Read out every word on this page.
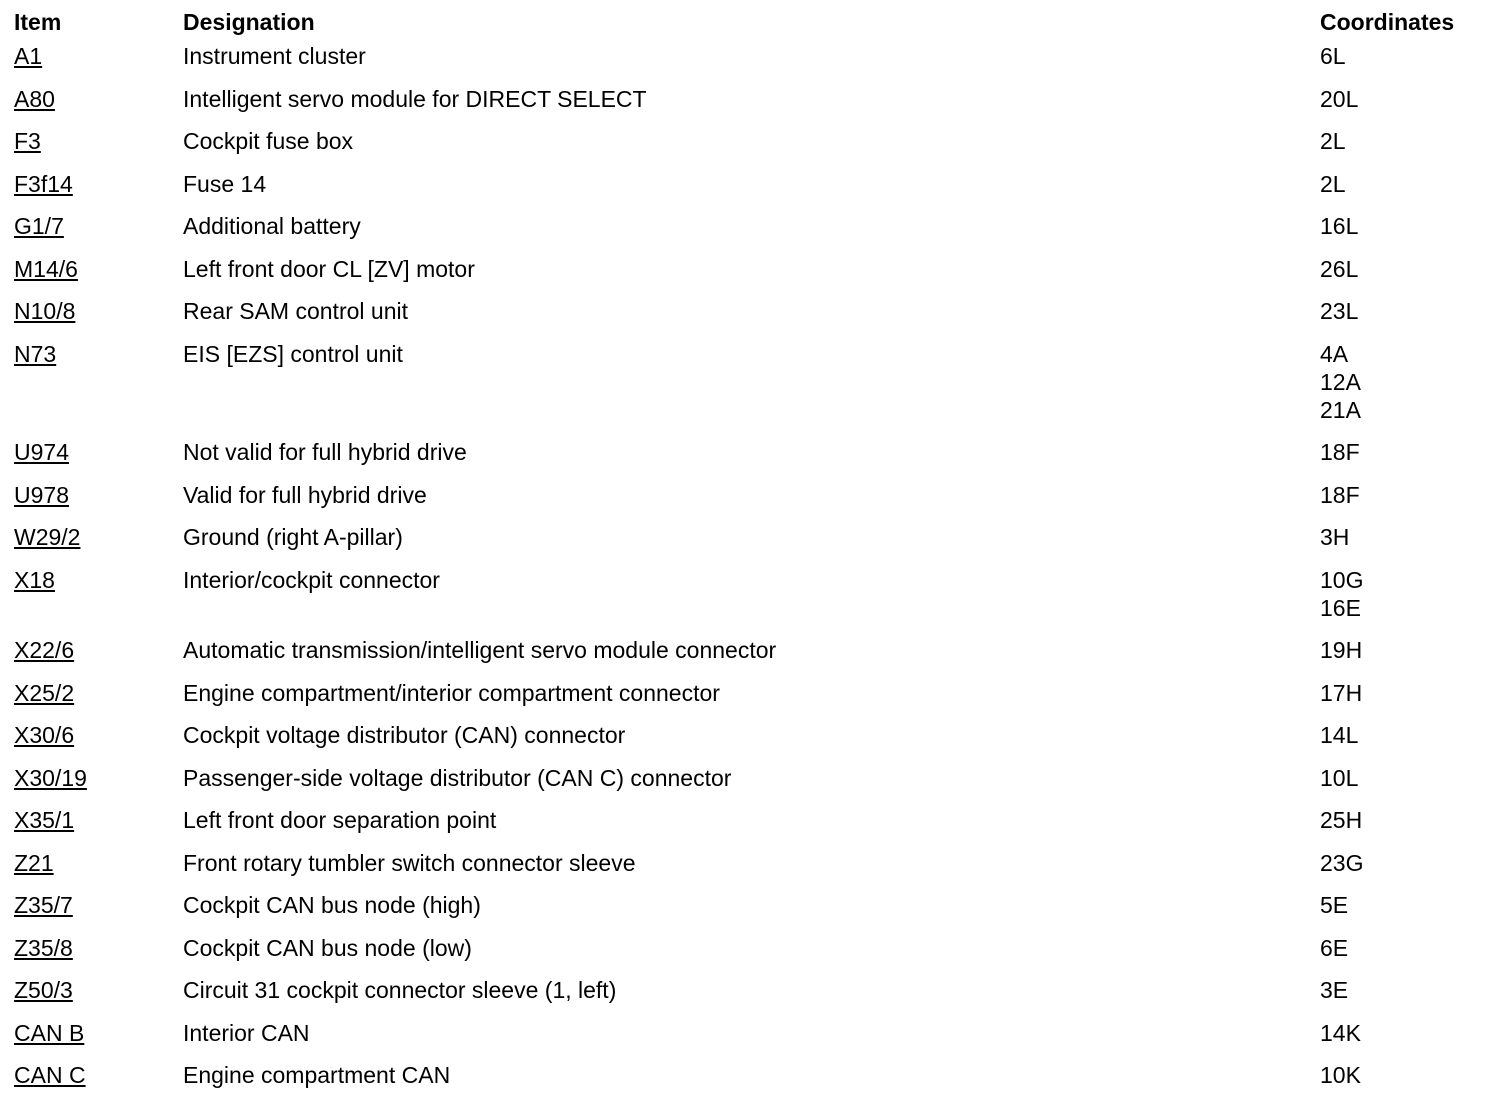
Item	Designation	Coordinates
A1	Instrument cluster	6L

A80	Intelligent servo module for DIRECT SELECT	20L

F3	Cockpit fuse box	2L

F3f14	Fuse 14	2L

G1/7	Additional battery	16L

M14/6	Left front door CL [ZV] motor	26L

N10/8	Rear SAM control unit	23L

N73	EIS [EZS] control unit	4A
12A
21A

U974	Not valid for full hybrid drive	18F

U978	Valid for full hybrid drive	18F

W29/2	Ground (right A-pillar)	3H

X18	Interior/cockpit connector	10G
16E

X22/6	Automatic transmission/intelligent servo module connector	19H

X25/2	Engine compartment/interior compartment connector	17H

X30/6	Cockpit voltage distributor (CAN) connector	14L

X30/19	Passenger-side voltage distributor (CAN C) connector	10L

X35/1	Left front door separation point	25H

Z21	Front rotary tumbler switch connector sleeve	23G

Z35/7	Cockpit CAN bus node (high)	5E

Z35/8	Cockpit CAN bus node (low)	6E

Z50/3	Circuit 31 cockpit connector sleeve (1, left)	3E

CAN B	Interior CAN	14K

CAN C	Engine compartment CAN	10K
